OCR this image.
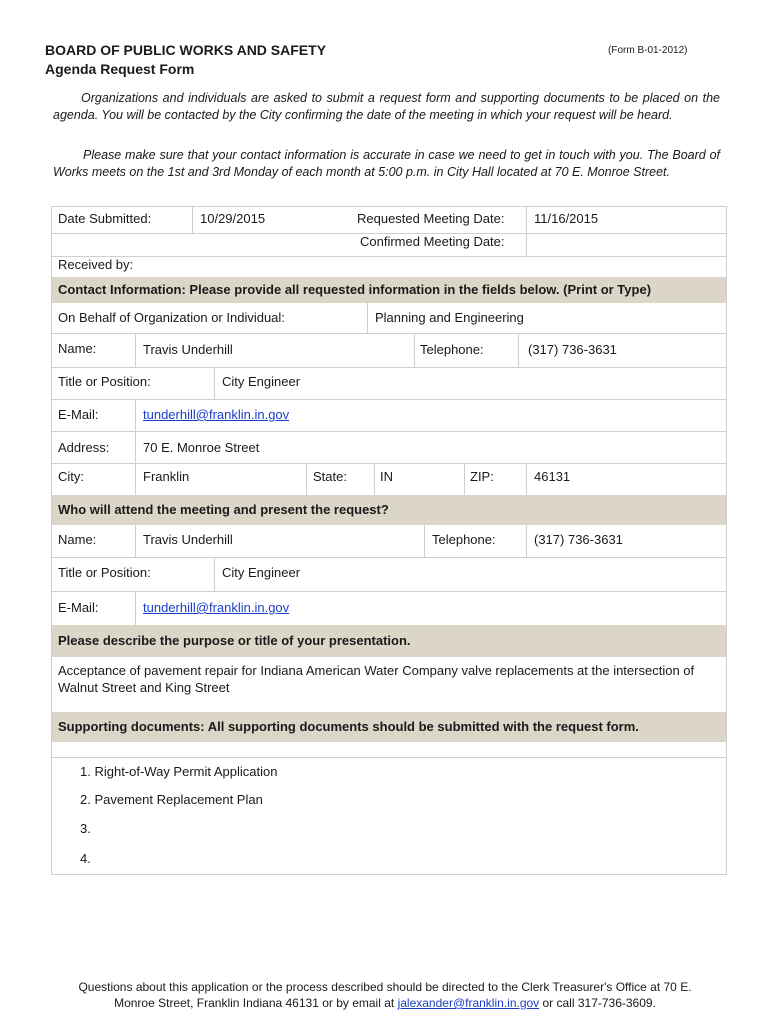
BOARD OF PUBLIC WORKS AND SAFETY
Agenda Request Form
(Form B-01-2012)
Organizations and individuals are asked to submit a request form and supporting documents to be placed on the agenda. You will be contacted by the City confirming the date of the meeting in which your request will be heard.
Please make sure that your contact information is accurate in case we need to get in touch with you. The Board of Works meets on the 1st and 3rd Monday of each month at 5:00 p.m. in City Hall located at 70 E. Monroe Street.
Date Submitted:	10/29/2015	Requested Meeting Date: 11/16/2015
Confirmed Meeting Date:
Received by:
Contact Information: Please provide all requested information in the fields below. (Print or Type)
On Behalf of Organization or Individual:	Planning and Engineering
Name:	Travis Underhill	Telephone:	(317) 736-3631
Title or Position:	City Engineer
E-Mail:	tunderhill@franklin.in.gov
Address:	70 E. Monroe Street
City:	Franklin	State:	IN	ZIP:	46131
Who will attend the meeting and present the request?
Name:	Travis Underhill	Telephone:	(317) 736-3631
Title or Position:	City Engineer
E-Mail:	tunderhill@franklin.in.gov
Please describe the purpose or title of your presentation.
Acceptance of pavement repair for Indiana American Water Company valve replacements at the intersection of Walnut Street and King Street
Supporting documents: All supporting documents should be submitted with the request form.
1. Right-of-Way Permit Application
2. Pavement Replacement Plan
3.
4.
Questions about this application or the process described should be directed to the Clerk Treasurer's Office at 70 E.
Monroe Street, Franklin Indiana 46131 or by email at jalexander@franklin.in.gov or call 317-736-3609.
